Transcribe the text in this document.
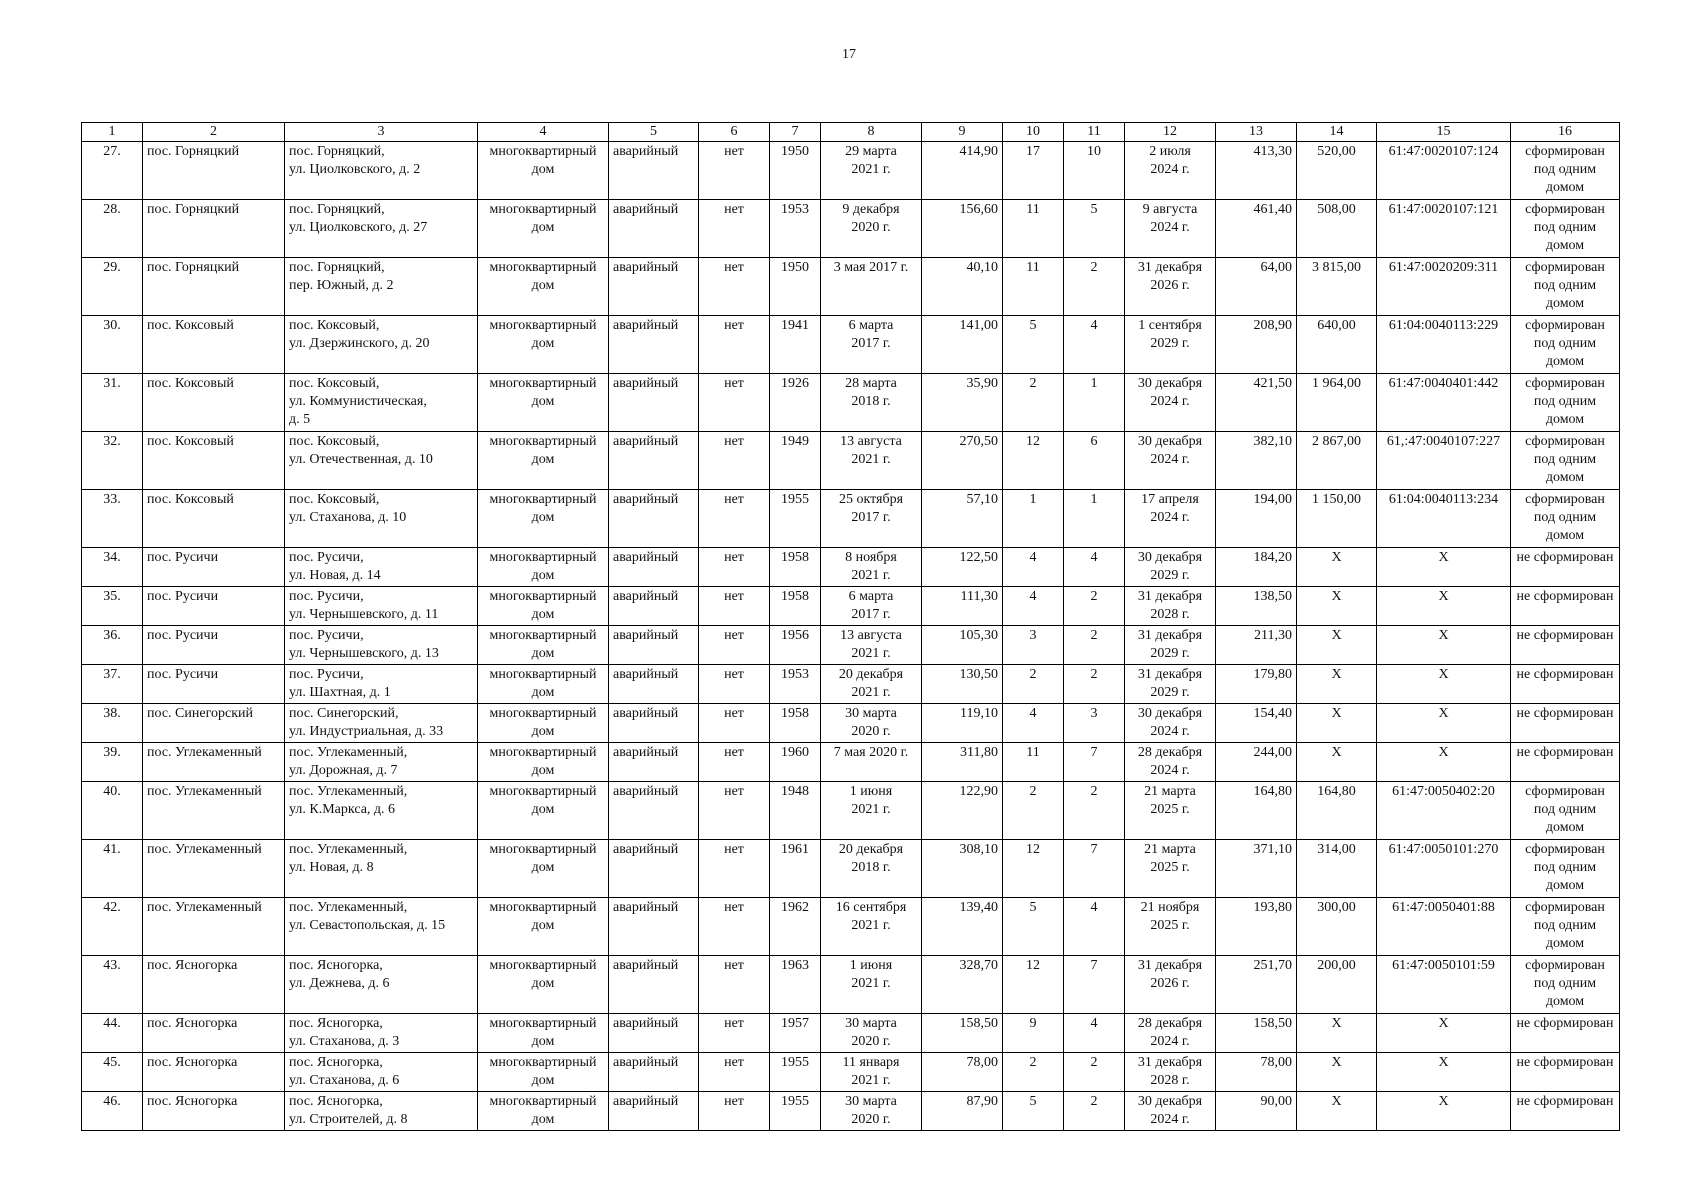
17
1	2	3	4	5	6	7	8	9	10	11	12	13	14	15	16
27.	пос. Горняцкий	пос. Горняцкий,
ул. Циолковского, д. 2	многоквартирный
дом	аварийный	нет	1950	29 марта
2021 г.	414,90	17	10	2 июля
2024 г.	413,30	520,00	61:47:0020107:124	сформирован
под одним
домом
28.	пос. Горняцкий	пос. Горняцкий,
ул. Циолковского, д. 27	многоквартирный
дом	аварийный	нет	1953	9 декабря
2020 г.	156,60	11	5	9 августа
2024 г.	461,40	508,00	61:47:0020107:121	сформирован
под одним
домом
29.	пос. Горняцкий	пос. Горняцкий,
пер. Южный, д. 2	многоквартирный
дом	аварийный	нет	1950	3 мая 2017 г.	40,10	11	2	31 декабря
2026 г.	64,00	3 815,00	61:47:0020209:311	сформирован
под одним
домом
30.	пос. Коксовый	пос. Коксовый,
ул. Дзержинского, д. 20	многоквартирный
дом	аварийный	нет	1941	6 марта
2017 г.	141,00	5	4	1 сентября
2029 г.	208,90	640,00	61:04:0040113:229	сформирован
под одним
домом
31.	пос. Коксовый	пос. Коксовый,
ул. Коммунистическая,
д. 5	многоквартирный
дом	аварийный	нет	1926	28 марта
2018 г.	35,90	2	1	30 декабря
2024 г.	421,50	1 964,00	61:47:0040401:442	сформирован
под одним
домом
32.	пос. Коксовый	пос. Коксовый,
ул. Отечественная, д. 10	многоквартирный
дом	аварийный	нет	1949	13 августа
2021 г.	270,50	12	6	30 декабря
2024 г.	382,10	2 867,00	61,:47:0040107:227	сформирован
под одним
домом
33.	пос. Коксовый	пос. Коксовый,
ул. Стаханова, д. 10	многоквартирный
дом	аварийный	нет	1955	25 октября
2017 г.	57,10	1	1	17 апреля
2024 г.	194,00	1 150,00	61:04:0040113:234	сформирован
под одним
домом
34.	пос. Русичи	пос. Русичи,
ул. Новая, д. 14	многоквартирный
дом	аварийный	нет	1958	8 ноября
2021 г.	122,50	4	4	30 декабря
2029 г.	184,20	X	X	не сформирован
35.	пос. Русичи	пос. Русичи,
ул. Чернышевского, д. 11	многоквартирный
дом	аварийный	нет	1958	6 марта
2017 г.	111,30	4	2	31 декабря
2028 г.	138,50	X	X	не сформирован
36.	пос. Русичи	пос. Русичи,
ул. Чернышевского, д. 13	многоквартирный
дом	аварийный	нет	1956	13 августа
2021 г.	105,30	3	2	31 декабря
2029 г.	211,30	X	X	не сформирован
37.	пос. Русичи	пос. Русичи,
ул. Шахтная, д. 1	многоквартирный
дом	аварийный	нет	1953	20 декабря
2021 г.	130,50	2	2	31 декабря
2029 г.	179,80	X	X	не сформирован
38.	пос. Синегорский	пос. Синегорский,
ул. Индустриальная, д. 33	многоквартирный
дом	аварийный	нет	1958	30 марта
2020 г.	119,10	4	3	30 декабря
2024 г.	154,40	X	X	не сформирован
39.	пос. Углекаменный	пос. Углекаменный,
ул. Дорожная, д. 7	многоквартирный
дом	аварийный	нет	1960	7 мая 2020 г.	311,80	11	7	28 декабря
2024 г.	244,00	X	X	не сформирован
40.	пос. Углекаменный	пос. Углекаменный,
ул. К.Маркса, д. 6	многоквартирный
дом	аварийный	нет	1948	1 июня
2021 г.	122,90	2	2	21 марта
2025 г.	164,80	164,80	61:47:0050402:20	сформирован
под одним
домом
41.	пос. Углекаменный	пос. Углекаменный,
ул. Новая, д. 8	многоквартирный
дом	аварийный	нет	1961	20 декабря
2018 г.	308,10	12	7	21 марта
2025 г.	371,10	314,00	61:47:0050101:270	сформирован
под одним
домом
42.	пос. Углекаменный	пос. Углекаменный,
ул. Севастопольская, д. 15	многоквартирный
дом	аварийный	нет	1962	16 сентября
2021 г.	139,40	5	4	21 ноября
2025 г.	193,80	300,00	61:47:0050401:88	сформирован
под одним
домом
43.	пос. Ясногорка	пос. Ясногорка,
ул. Дежнева, д. 6	многоквартирный
дом	аварийный	нет	1963	1 июня
2021 г.	328,70	12	7	31 декабря
2026 г.	251,70	200,00	61:47:0050101:59	сформирован
под одним
домом
44.	пос. Ясногорка	пос. Ясногорка,
ул. Стаханова, д. 3	многоквартирный
дом	аварийный	нет	1957	30 марта
2020 г.	158,50	9	4	28 декабря
2024 г.	158,50	X	X	не сформирован
45.	пос. Ясногорка	пос. Ясногорка,
ул. Стаханова, д. 6	многоквартирный
дом	аварийный	нет	1955	11 января
2021 г.	78,00	2	2	31 декабря
2028 г.	78,00	X	X	не сформирован
46.	пос. Ясногорка	пос. Ясногорка,
ул. Строителей, д. 8	многоквартирный
дом	аварийный	нет	1955	30 марта
2020 г.	87,90	5	2	30 декабря
2024 г.	90,00	X	X	не сформирован
